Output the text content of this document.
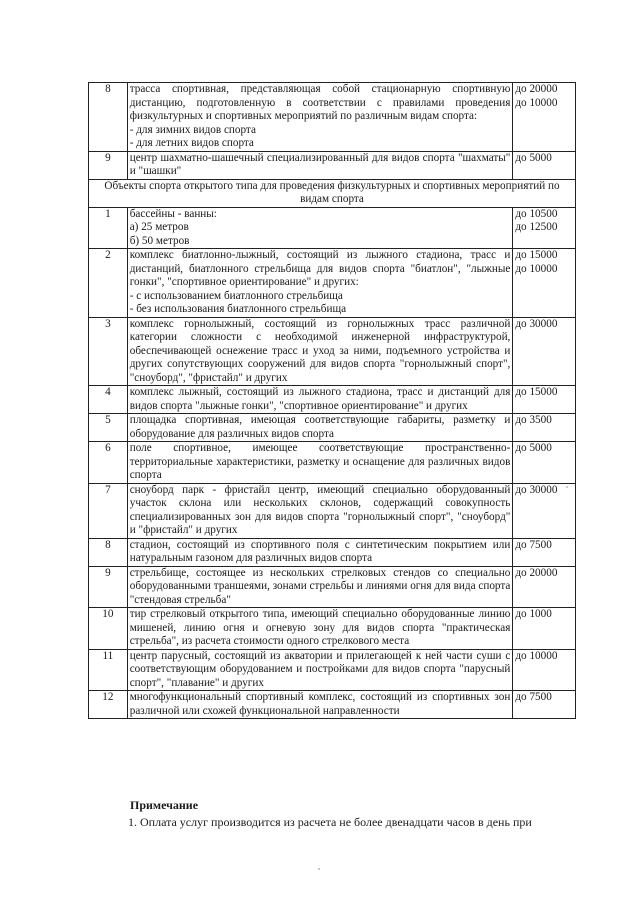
8	трасса спортивная, представляющая собой стационарную спортивную дистанцию, подготовленную в соответствии с правилами проведения физкультурных и спортивных мероприятий по различным видам спорта:
- для зимних видов спорта
- для летних видов спорта	до 20000
до 10000

9	центр шахматно-шашечный специализированный для видов спорта "шахматы" и "шашки"	до 5000

Объекты спорта открытого типа для проведения физкультурных и спортивных мероприятий по видам спорта		
1	бассейны - ванны:
а) 25 метров
б) 50 метров	до 10500
до 12500

2	комплекс биатлонно-лыжный, состоящий из лыжного стадиона, трасс и дистанций, биатлонного стрельбища для видов спорта "биатлон", "лыжные гонки", "спортивное ориентирование" и других:
- с использованием биатлонного стрельбища
- без использования биатлонного стрельбища	до 15000
до 10000

3	комплекс горнолыжный, состоящий из горнолыжных трасс различной категории сложности с необходимой инженерной инфраструктурой, обеспечивающей оснежение трасс и уход за ними, подъемного устройства и других сопутствующих сооружений для видов спорта "горнолыжный спорт", "сноуборд", "фристайл" и других	до 30000

4	комплекс лыжный, состоящий из лыжного стадиона, трасс и дистанций для видов спорта "лыжные гонки", "спортивное ориентирование" и других	до 15000

5	площадка спортивная, имеющая соответствующие габариты, разметку и оборудование для различных видов спорта	до 3500

6	поле спортивное, имеющее соответствующие пространственно-территориальные характеристики, разметку и оснащение для различных видов спорта	до 5000

7	сноуборд парк - фристайл центр, имеющий специально оборудованный участок склона или нескольких склонов, содержащий совокупность специализированных зон для видов спорта "горнолыжный спорт", "сноуборд" и "фристайл" и других	до 30000

8	стадион, состоящий из спортивного поля с синтетическим покрытием или натуральным газоном для различных видов спорта	до 7500

9	стрельбище, состоящее из нескольких стрелковых стендов со специально оборудованными траншеями, зонами стрельбы и линиями огня для вида спорта "стендовая стрельба"	до 20000

10	тир стрелковый открытого типа, имеющий специально оборудованные линию мишеней, линию огня и огневую зону для видов спорта "практическая стрельба", из расчета стоимости одного стрелкового места	до 1000

11	центр парусный, состоящий из акватории и прилегающей к ней части суши с соответствующим оборудованием и постройками для видов спорта "парусный спорт", "плавание" и других	до 10000

12	многофункциональный спортивный комплекс, состоящий из спортивных зон различной или схожей функциональной направленности	до 7500
Примечание
1. Оплата услуг производится из расчета не более двенадцати часов в день при
